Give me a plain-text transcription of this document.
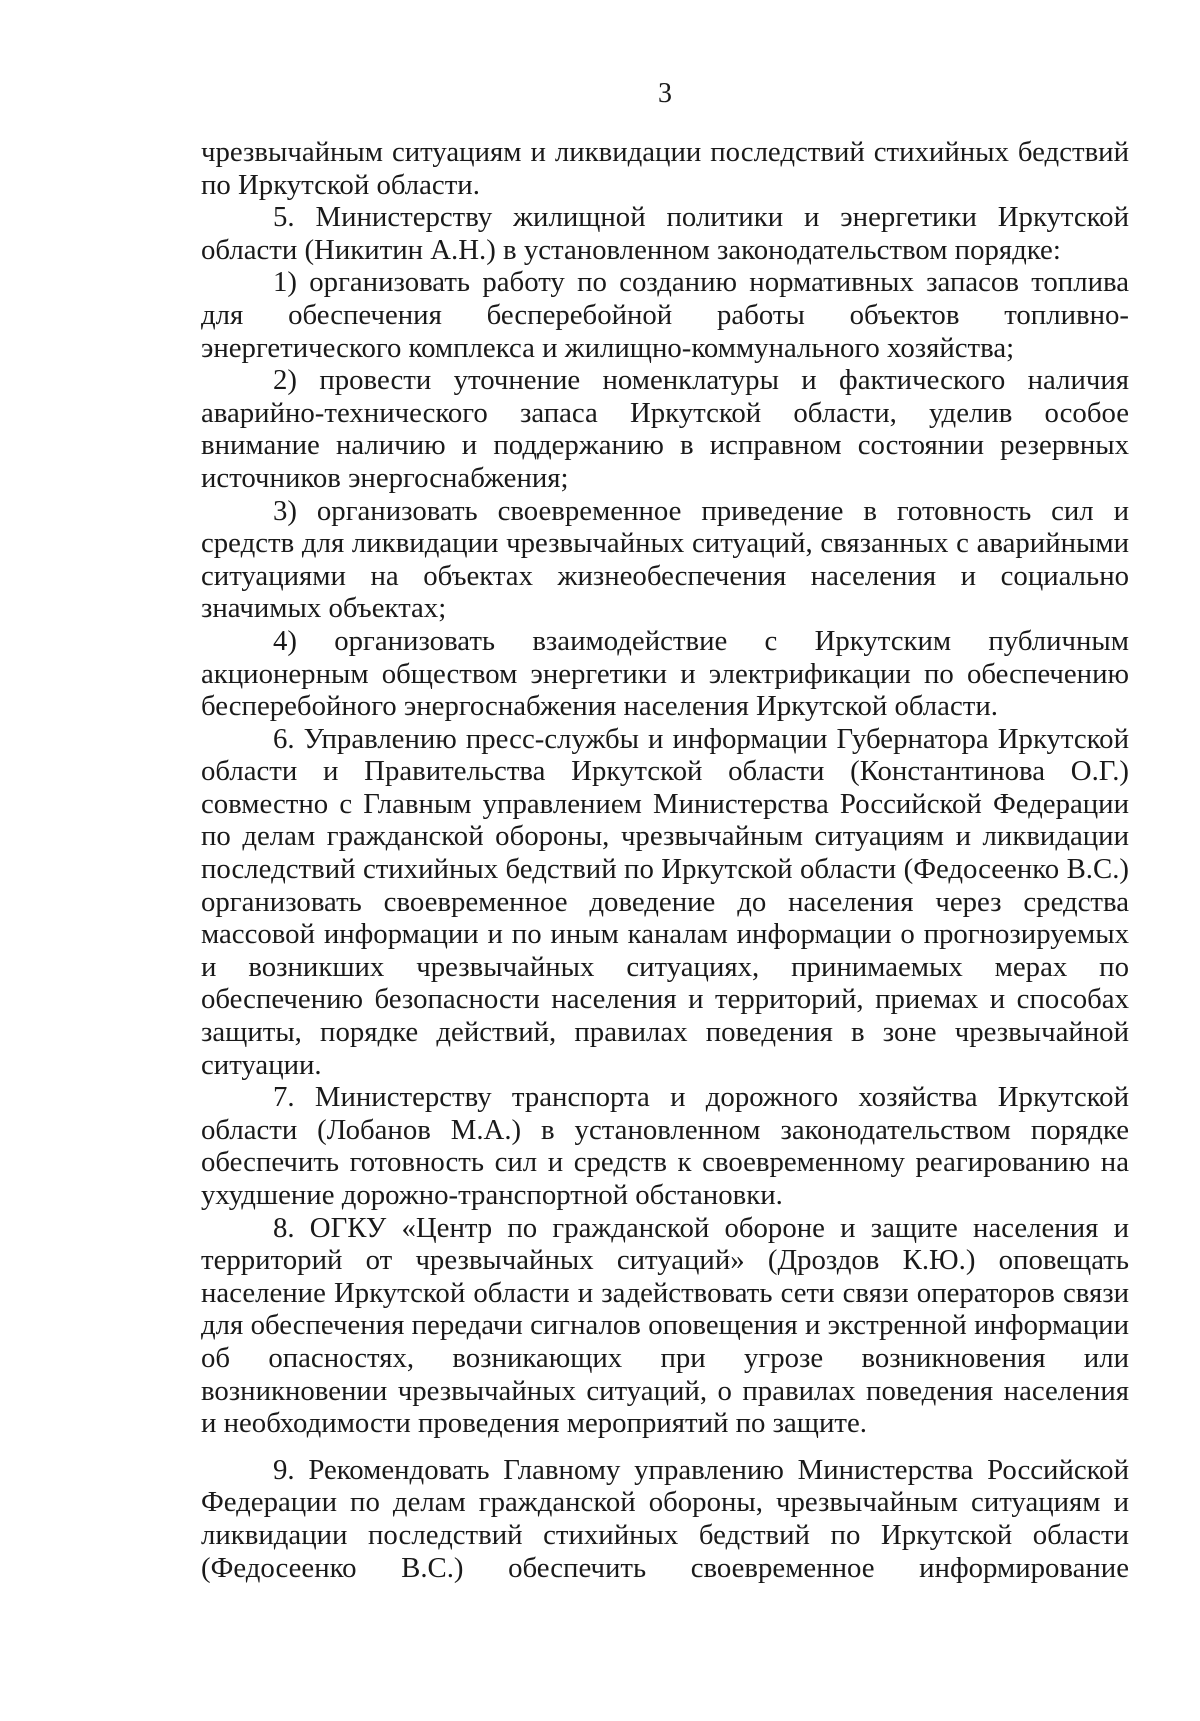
3

чрезвычайным ситуациям и ликвидации последствий стихийных бедствий по Иркутской области.

5. Министерству жилищной политики и энергетики Иркутской области (Никитин А.Н.) в установленном законодательством порядке:

1) организовать работу по созданию нормативных запасов топлива для обеспечения бесперебойной работы объектов топливно-энергетического комплекса и жилищно-коммунального хозяйства;

2) провести уточнение номенклатуры и фактического наличия аварийно-технического запаса Иркутской области, уделив особое внимание наличию и поддержанию в исправном состоянии резервных источников энергоснабжения;

3) организовать своевременное приведение в готовность сил и средств для ликвидации чрезвычайных ситуаций, связанных с аварийными ситуациями на объектах жизнеобеспечения населения и социально значимых объектах;

4) организовать взаимодействие с Иркутским публичным акционерным обществом энергетики и электрификации по обеспечению бесперебойного энергоснабжения населения Иркутской области.

6. Управлению пресс-службы и информации Губернатора Иркутской области и Правительства Иркутской области (Константинова О.Г.) совместно с Главным управлением Министерства Российской Федерации по делам гражданской обороны, чрезвычайным ситуациям и ликвидации последствий стихийных бедствий по Иркутской области (Федосеенко В.С.) организовать своевременное доведение до населения через средства массовой информации и по иным каналам информации о прогнозируемых и возникших чрезвычайных ситуациях, принимаемых мерах по обеспечению безопасности населения и территорий, приемах и способах защиты, порядке действий, правилах поведения в зоне чрезвычайной ситуации.

7. Министерству транспорта и дорожного хозяйства Иркутской области (Лобанов М.А.) в установленном законодательством порядке обеспечить готовность сил и средств к своевременному реагированию на ухудшение дорожно-транспортной обстановки.

8. ОГКУ «Центр по гражданской обороне и защите населения и территорий от чрезвычайных ситуаций» (Дроздов К.Ю.) оповещать население Иркутской области и задействовать сети связи операторов связи для обеспечения передачи сигналов оповещения и экстренной информации об опасностях, возникающих при угрозе возникновения или возникновении чрезвычайных ситуаций, о правилах поведения населения и необходимости проведения мероприятий по защите.

9. Рекомендовать Главному управлению Министерства Российской Федерации по делам гражданской обороны, чрезвычайным ситуациям и ликвидации последствий стихийных бедствий по Иркутской области (Федосеенко В.С.) обеспечить своевременное информирование
